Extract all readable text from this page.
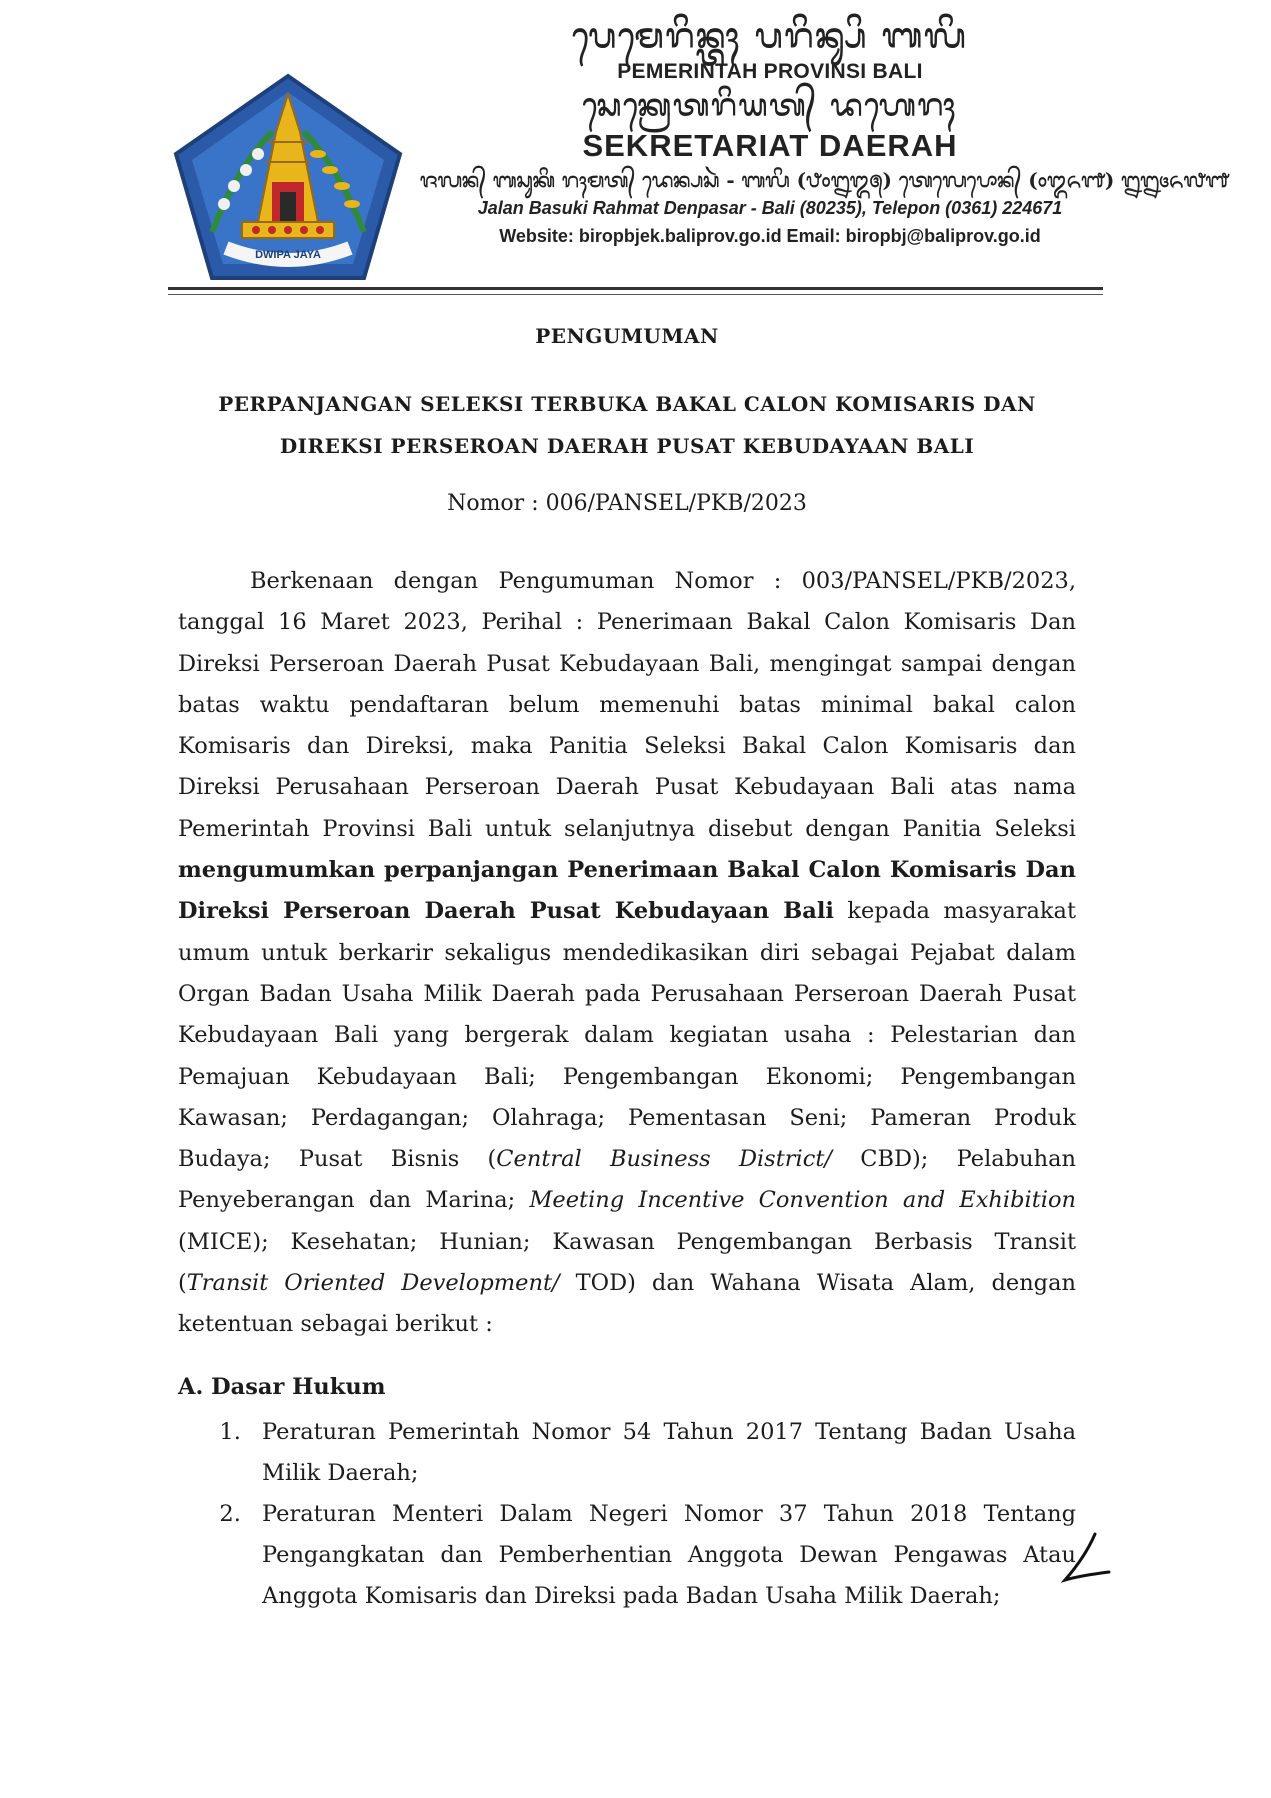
DWIPA JAYA
ᬧᬾᬫᬾᬭᬶᬦ᭄ᬢᬄ ᬧᬭᬶᬦ᭄ᬲᬶ ᬩᬮᬶ
PEMERINTAH PROVINSI BALI
ᬲᬾᬓ᭄ᬭᬾᬢᬭᬶᬬᬢ᭄ ᬤᬳᬾᬭᬄ
SEKRETARIAT DAERAH
ᬚᬮᬦ᭄ ᬩᬲᬸᬓᬶ ᬭᬄᬫᬢ᭄ ᬤᬾᬦ᭄ᬧᬲᬃ - ᬩᬮᬶ (᭘᭐᭒᭓᭕) ᬢᬾᬮᬾᬧᭀᬦ᭄ (᭐᭓᭖᭑) ᭒᭒᭔᭖᭗᭑
Jalan Basuki Rahmat Denpasar - Bali (80235), Telepon (0361) 224671
Website: biropbjek.baliprov.go.id Email: biropbj@baliprov.go.id

PENGUMUMAN

PERPANJANGAN SELEKSI TERBUKA BAKAL CALON KOMISARIS DAN
DIREKSI PERSEROAN DAERAH PUSAT KEBUDAYAAN BALI

Nomor : 006/PANSEL/PKB/2023

Berkenaan dengan Pengumuman Nomor : 003/PANSEL/PKB/2023, tanggal 16 Maret 2023, Perihal : Penerimaan Bakal Calon Komisaris Dan Direksi Perseroan Daerah Pusat Kebudayaan Bali, mengingat sampai dengan batas waktu pendaftaran belum memenuhi batas minimal bakal calon Komisaris dan Direksi, maka Panitia Seleksi Bakal Calon Komisaris dan Direksi Perusahaan Perseroan Daerah Pusat Kebudayaan Bali atas nama Pemerintah Provinsi Bali untuk selanjutnya disebut dengan Panitia Seleksi mengumumkan perpanjangan Penerimaan Bakal Calon Komisaris Dan Direksi Perseroan Daerah Pusat Kebudayaan Bali kepada masyarakat umum untuk berkarir sekaligus mendedikasikan diri sebagai Pejabat dalam Organ Badan Usaha Milik Daerah pada Perusahaan Perseroan Daerah Pusat Kebudayaan Bali yang bergerak dalam kegiatan usaha : Pelestarian dan Pemajuan Kebudayaan Bali; Pengembangan Ekonomi; Pengembangan Kawasan; Perdagangan; Olahraga; Pementasan Seni; Pameran Produk Budaya; Pusat Bisnis (Central Business District/ CBD); Pelabuhan Penyeberangan dan Marina; Meeting Incentive Convention and Exhibition (MICE); Kesehatan; Hunian; Kawasan Pengembangan Berbasis Transit (Transit Oriented Development/ TOD) dan Wahana Wisata Alam, dengan ketentuan sebagai berikut :

A. Dasar Hukum
1. Peraturan Pemerintah Nomor 54 Tahun 2017 Tentang Badan Usaha Milik Daerah;
2. Peraturan Menteri Dalam Negeri Nomor 37 Tahun 2018 Tentang Pengangkatan dan Pemberhentian Anggota Dewan Pengawas Atau Anggota Komisaris dan Direksi pada Badan Usaha Milik Daerah;
